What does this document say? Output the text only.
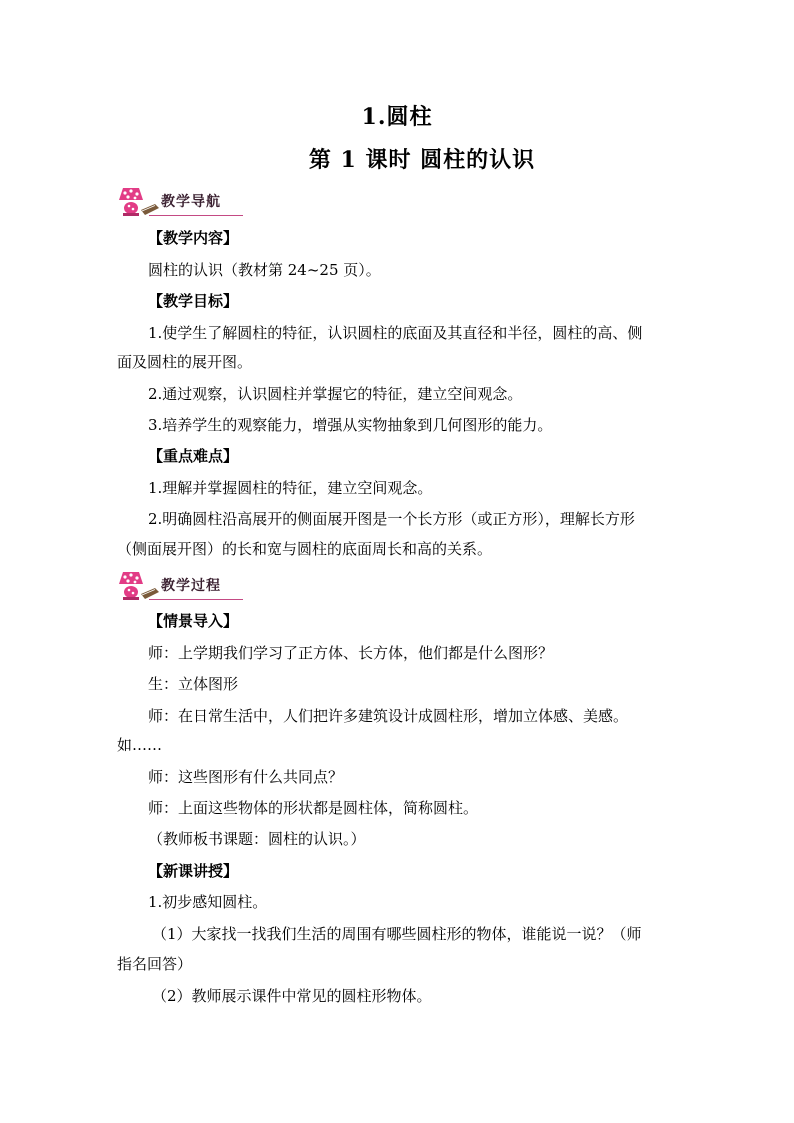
1.圆柱
第 1 课时 圆柱的认识
教学导航
【教学内容】
圆柱的认识（教材第 24~25 页）。
【教学目标】
1.使学生了解圆柱的特征，认识圆柱的底面及其直径和半径，圆柱的高、侧
面及圆柱的展开图。
2.通过观察，认识圆柱并掌握它的特征，建立空间观念。
3.培养学生的观察能力，增强从实物抽象到几何图形的能力。
【重点难点】
1.理解并掌握圆柱的特征，建立空间观念。
2.明确圆柱沿高展开的侧面展开图是一个长方形（或正方形），理解长方形
（侧面展开图）的长和宽与圆柱的底面周长和高的关系。
教学过程
【情景导入】
师：上学期我们学习了正方体、长方体，他们都是什么图形？
生：立体图形
师：在日常生活中，人们把许多建筑设计成圆柱形，增加立体感、美感。
如……
师：这些图形有什么共同点？
师：上面这些物体的形状都是圆柱体，简称圆柱。
（教师板书课题：圆柱的认识。）
【新课讲授】
1.初步感知圆柱。
（1）大家找一找我们生活的周围有哪些圆柱形的物体，谁能说一说？（师
指名回答）
（2）教师展示课件中常见的圆柱形物体。
